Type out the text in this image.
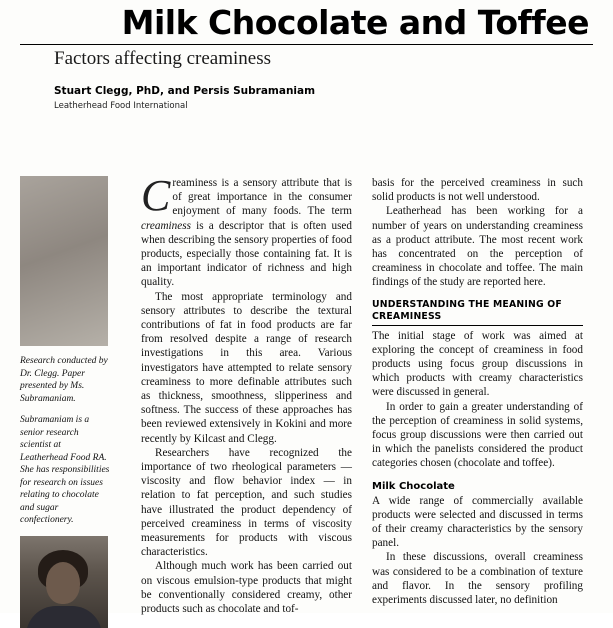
Milk Chocolate and Toffee
Factors affecting creaminess
Stuart Clegg, PhD, and Persis Subramaniam
Leatherhead Food International

Research conducted by Dr. Clegg. Paper presented by Ms. Subramaniam.

Subramaniam is a senior research scientist at Leatherhead Food RA. She has responsibilities for research on issues relating to chocolate and sugar confectionery.

Creaminess is a sensory attribute that is of great importance in the consumer enjoyment of many foods. The term creaminess is a descriptor that is often used when describing the sensory properties of food products, especially those containing fat. It is an important indicator of richness and high quality.

The most appropriate terminology and sensory attributes to describe the textural contributions of fat in food products are far from resolved despite a range of research investigations in this area. Various investigators have attempted to relate sensory creaminess to more definable attributes such as thickness, smoothness, slipperiness and softness. The success of these approaches has been reviewed extensively in Kokini and more recently by Kilcast and Clegg.

Researchers have recognized the importance of two rheological parameters — viscosity and flow behavior index — in relation to fat perception, and such studies have illustrated the product dependency of perceived creaminess in terms of viscosity measurements for products with viscous characteristics.

Although much work has been carried out on viscous emulsion-type products that might be conventionally considered creamy, other products such as chocolate and tof-

basis for the perceived creaminess in such solid products is not well understood.

Leatherhead has been working for a number of years on understanding creaminess as a product attribute. The most recent work has concentrated on the perception of creaminess in chocolate and toffee. The main findings of the study are reported here.

UNDERSTANDING THE MEANING OF CREAMINESS

The initial stage of work was aimed at exploring the concept of creaminess in food products using focus group discussions in which products with creamy characteristics were discussed in general.

In order to gain a greater understanding of the perception of creaminess in solid systems, focus group discussions were then carried out in which the panelists considered the product categories chosen (chocolate and toffee).

Milk Chocolate

A wide range of commercially available products were selected and discussed in terms of their creamy characteristics by the sensory panel.

In these discussions, overall creaminess was considered to be a combination of texture and flavor. In the sensory profiling experiments discussed later, no definition
